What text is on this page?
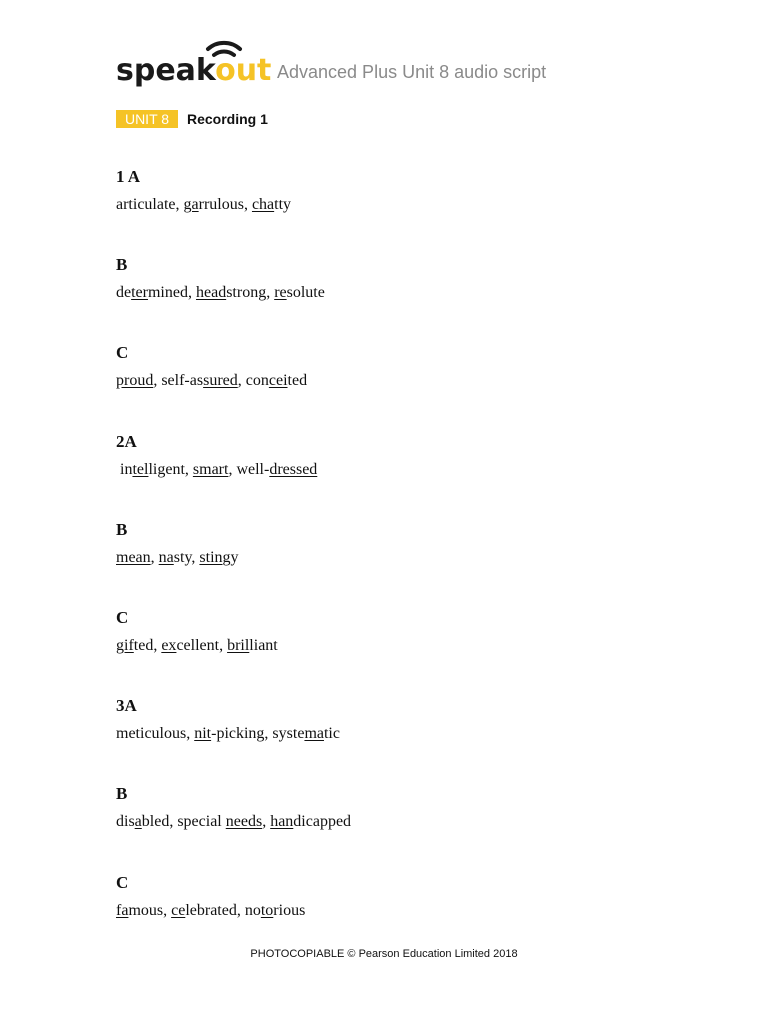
speakout Advanced Plus Unit 8 audio script
UNIT 8	Recording 1
1 A
articulate, garrulous, chatty
B
determined, headstrong, resolute
C
proud, self-assured, conceited
2A
intelligent, smart, well-dressed
B
mean, nasty, stingy
C
gifted, excellent, brilliant
3A
meticulous, nit-picking, systematic
B
disabled, special needs, handicapped
C
famous, celebrated, notorious
PHOTOCOPIABLE © Pearson Education Limited 2018
